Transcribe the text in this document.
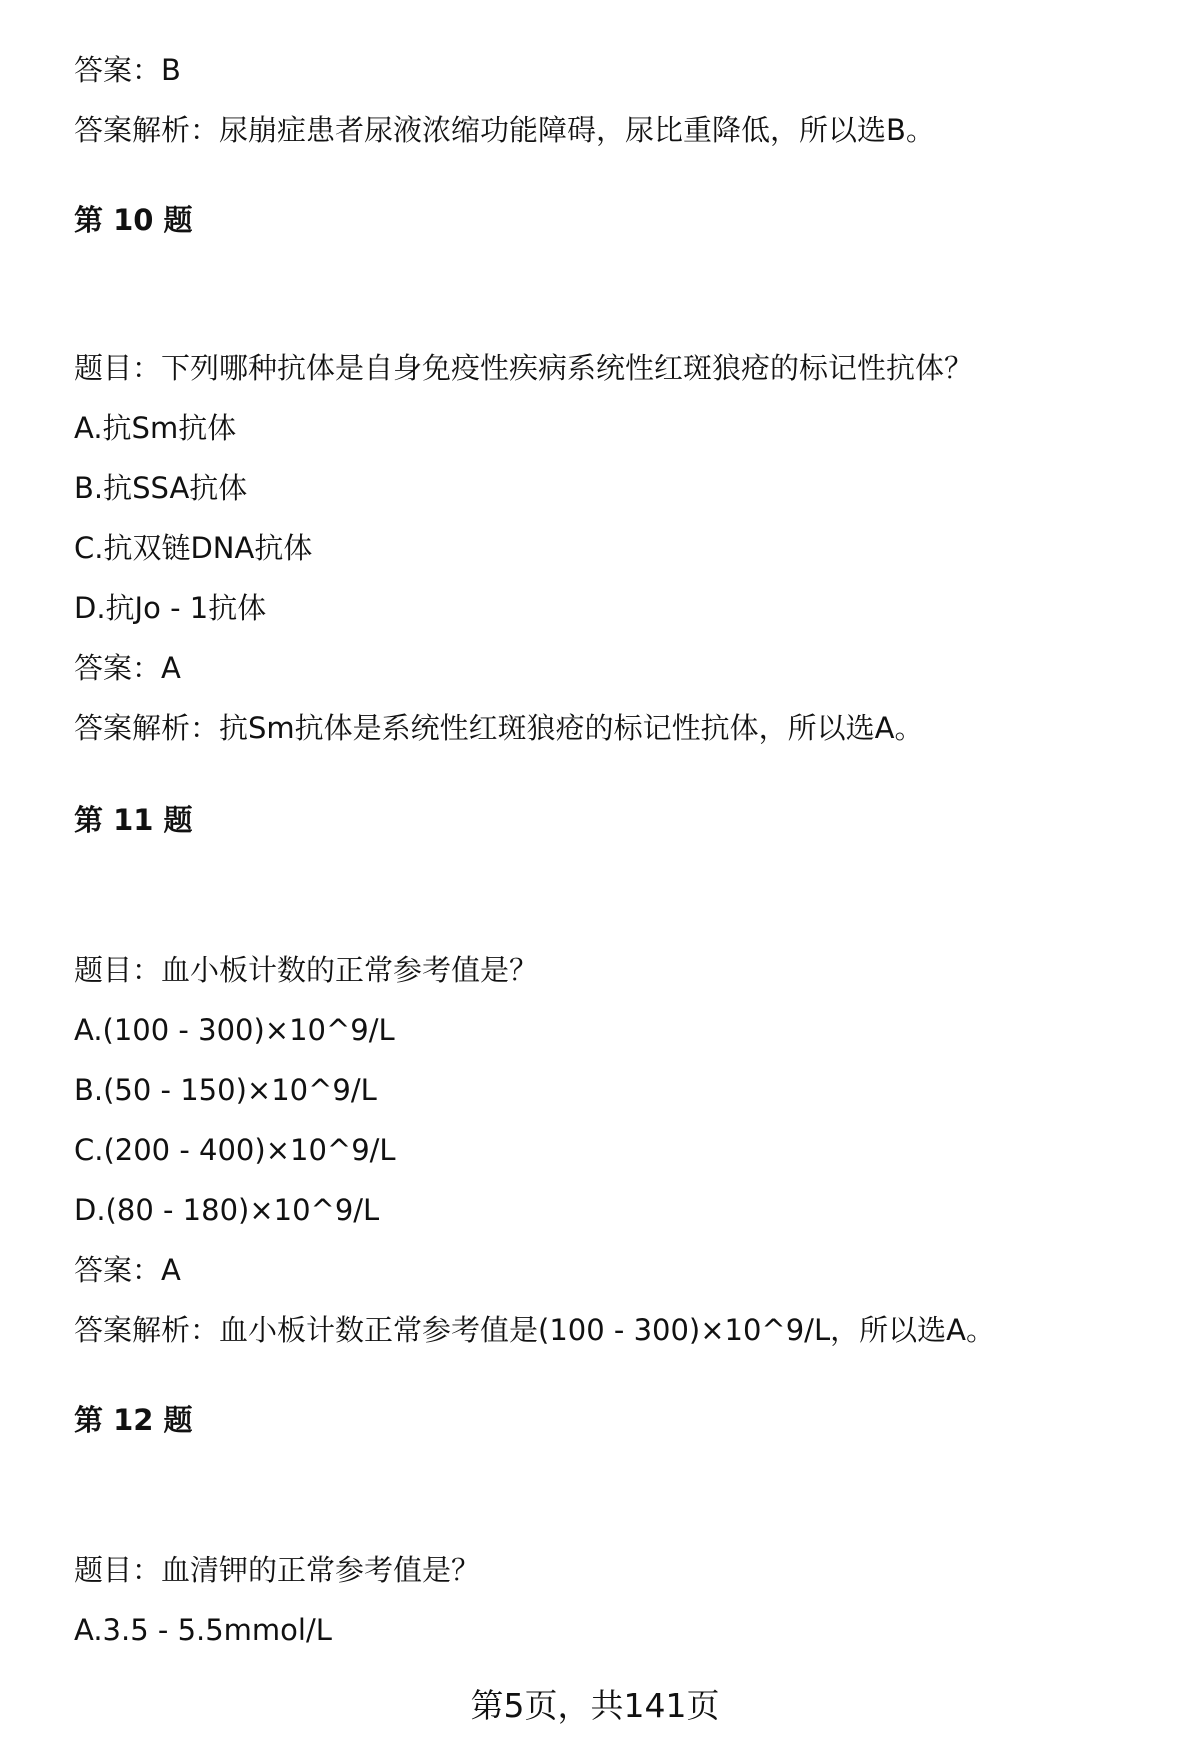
答案：B

答案解析：尿崩症患者尿液浓缩功能障碍，尿比重降低，所以选B。

第 10 题

题目：下列哪种抗体是自身免疫性疾病系统性红斑狼疮的标记性抗体？

A.抗Sm抗体

B.抗SSA抗体

C.抗双链DNA抗体

D.抗Jo - 1抗体

答案：A

答案解析：抗Sm抗体是系统性红斑狼疮的标记性抗体，所以选A。

第 11 题

题目：血小板计数的正常参考值是？

A.(100 - 300)×10^9/L

B.(50 - 150)×10^9/L

C.(200 - 400)×10^9/L

D.(80 - 180)×10^9/L

答案：A

答案解析：血小板计数正常参考值是(100 - 300)×10^9/L，所以选A。

第 12 题

题目：血清钾的正常参考值是？

A.3.5 - 5.5mmol/L

第5页，共141页
